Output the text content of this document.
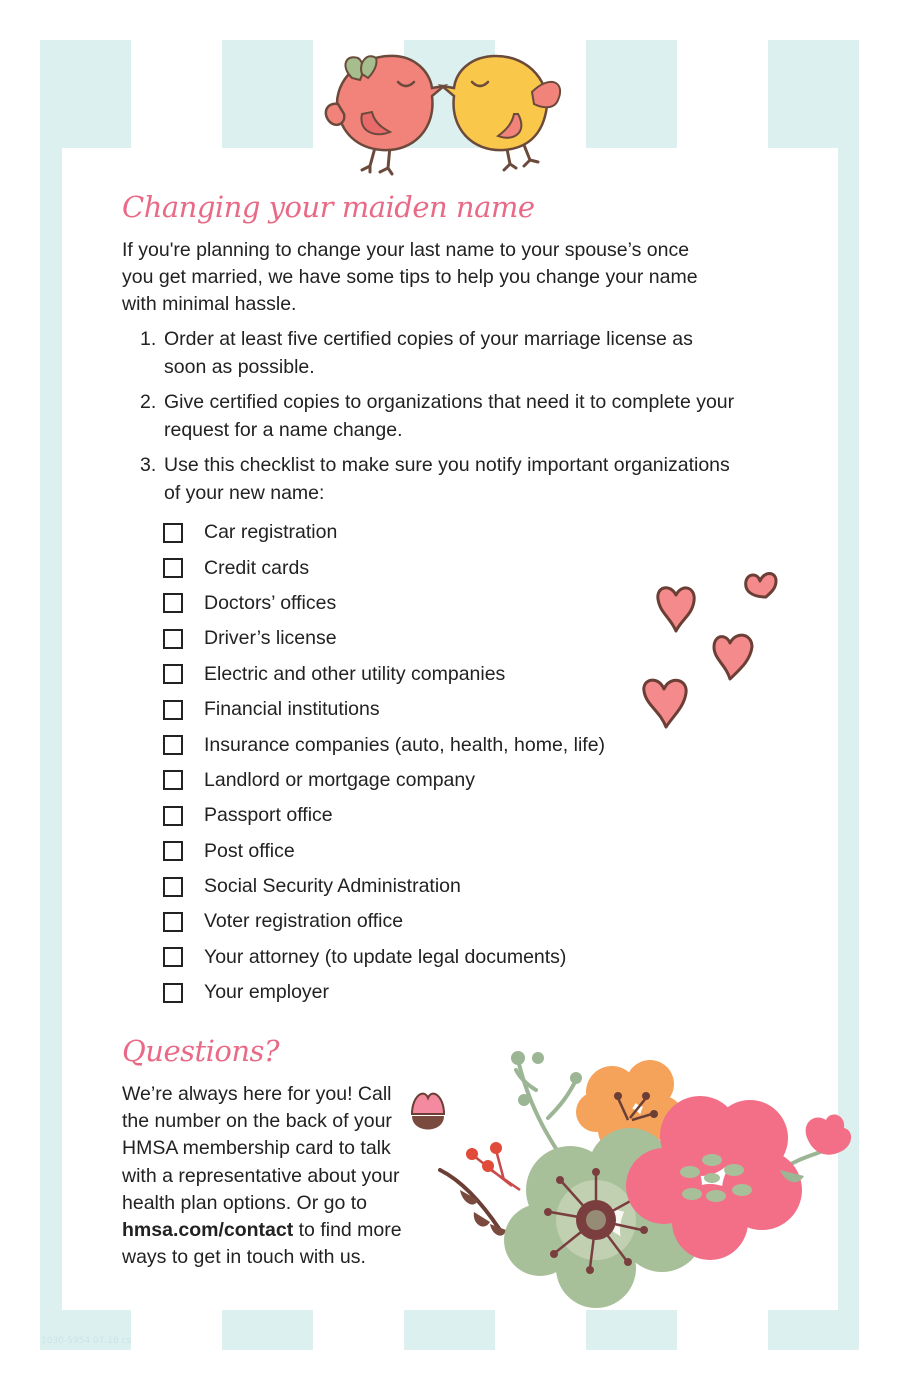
Changing your maiden name

If you're planning to change your last name to your spouse’s once you get married, we have some tips to help you change your name with minimal hassle.

1. Order at least five certified copies of your marriage license as soon as possible.
2. Give certified copies to organizations that need it to complete your request for a name change.
3. Use this checklist to make sure you notify important organizations of your new name:
Car registration
Credit cards
Doctors’ offices
Driver’s license
Electric and other utility companies
Financial institutions
Insurance companies (auto, health, home, life)
Landlord or mortgage company
Passport office
Post office
Social Security Administration
Voter registration office
Your attorney (to update legal documents)
Your employer
Questions?

We’re always here for you! Call the number on the back of your HMSA membership card to talk with a representative about your health plan options. Or go to hmsa.com/contact to find more ways to get in touch with us.

1030-5954 07.16 cs
